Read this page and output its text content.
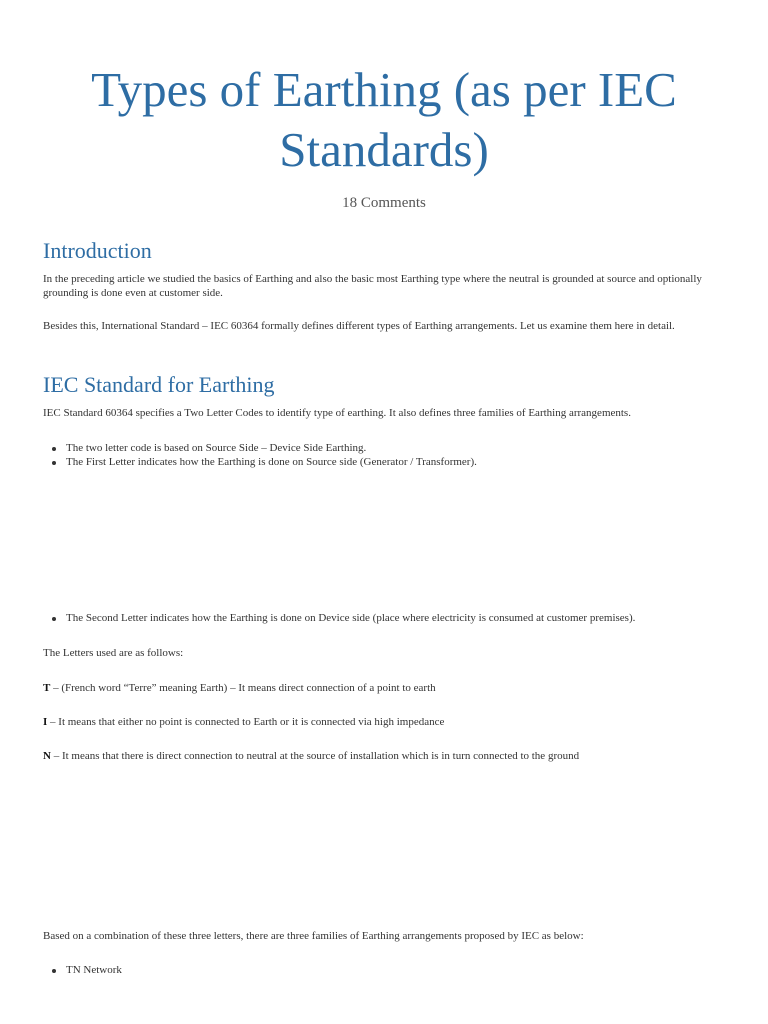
Types of Earthing (as per IEC Standards)
18 Comments
Introduction

In the preceding article we studied the basics of Earthing and also the basic most Earthing type where the neutral is grounded at source and optionally grounding is done even at customer side.

Besides this, International Standard – IEC 60364 formally defines different types of Earthing arrangements. Let us examine them here in detail.

IEC Standard for Earthing

IEC Standard 60364 specifies a Two Letter Codes to identify type of earthing. It also defines three families of Earthing arrangements.

The two letter code is based on Source Side – Device Side Earthing.
The First Letter indicates how the Earthing is done on Source side (Generator / Transformer).
The Second Letter indicates how the Earthing is done on Device side (place where electricity is consumed at customer premises).

The Letters used are as follows:

T – (French word “Terre” meaning Earth) – It means direct connection of a point to earth

I – It means that either no point is connected to Earth or it is connected via high impedance

N – It means that there is direct connection to neutral at the source of installation which is in turn connected to the ground

Based on a combination of these three letters, there are three families of Earthing arrangements proposed by IEC as below:

TN Network
